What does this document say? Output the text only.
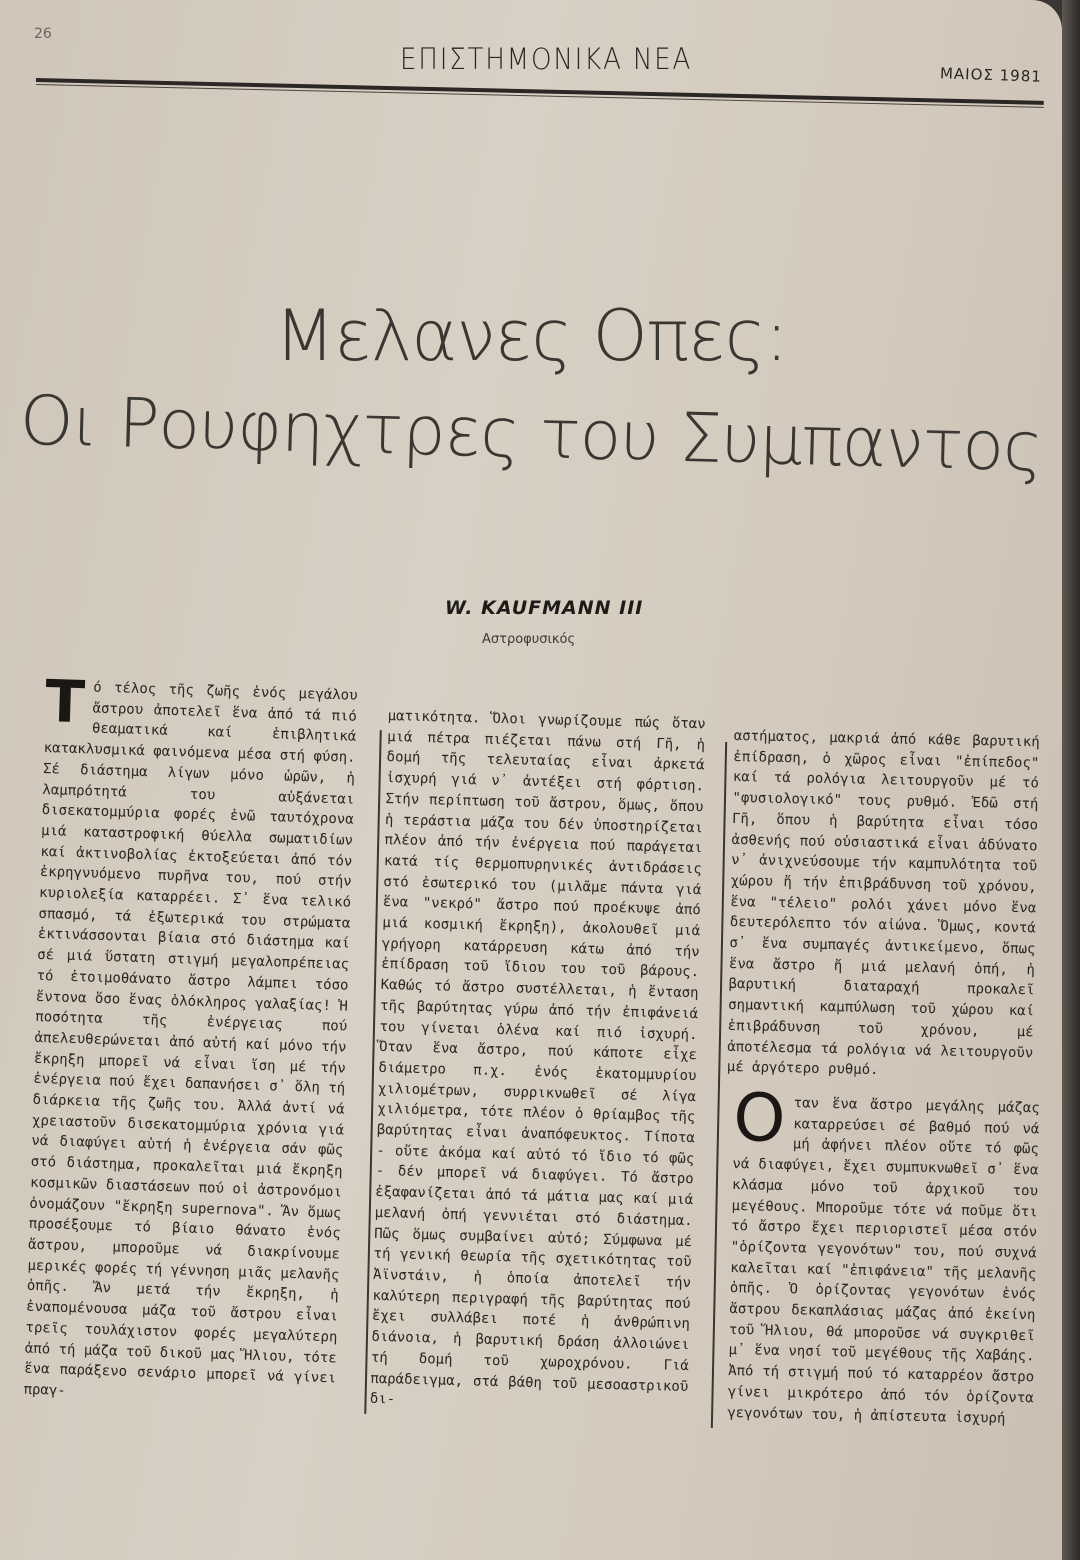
26
ΕΠΙΣΤΗΜΟΝΙΚΑ ΝΕΑ	ΜΑΙΟΣ 1981
Μελανες Οπες:
Οι Ρουφηχτρες του Συμπαντος
W. KAUFMANN III
Αστροφυσικός
Τ ό τέλος τῆς ζωῆς ἑνός μεγάλου ἄστρου ἀποτελεῖ ἕνα ἀπό τά πιό θεαματικά καί ἐπιβλητικά κατακλυσμικά φαινόμενα μέσα στή φύση. Σέ διάστημα λίγων μόνο ὡρῶν, ἡ λαμπρότητά του αὐξάνεται δισεκατομμύρια φορές ἐνῶ ταυτόχρονα μιά καταστροφική θύελλα σωματιδίων καί ἀκτινοβολίας ἐκτοξεύεται ἀπό τόν ἐκρηγνυόμενο πυρῆνα του, πού στήν κυριολεξία καταρρέει. Σ᾽ ἕνα τελικό σπασμό, τά ἐξωτερικά του στρώματα ἐκτινάσσονται βίαια στό διάστημα καί σέ μιά ὕστατη στιγμή μεγαλοπρέπειας τό ἑτοιμοθάνατο ἄστρο λάμπει τόσο ἔντονα ὅσο ἕνας ὁλόκληρος γαλαξίας! Ἡ ποσότητα τῆς ἐνέργειας πού ἀπελευθερώνεται ἀπό αὐτή καί μόνο τήν ἔκρηξη μπορεῖ νά εἶναι ἴση μέ τήν ἐνέργεια πού ἔχει δαπανήσει σ᾽ ὅλη τή διάρκεια τῆς ζωῆς του. Ἀλλά ἀντί νά χρειαστοῦν δισεκατομμύρια χρόνια γιά νά διαφύγει αὐτή ἡ ἐνέργεια σάν φῶς στό διάστημα, προκαλεῖται μιά ἔκρηξη κοσμικῶν διαστάσεων πού οἱ ἀστρονόμοι ὀνομάζουν "ἔκρηξη supernova". Ἄν ὅμως προσέξουμε τό βίαιο θάνατο ἑνός ἄστρου, μποροῦμε νά διακρίνουμε μερικές φορές τή γέννηση μιᾶς μελανῆς ὀπῆς. Ἄν μετά τήν ἔκρηξη, ἡ ἐναπομένουσα μάζα τοῦ ἄστρου εἶναι τρεῖς τουλάχιστον φορές μεγαλύτερη ἀπό τή μάζα τοῦ δικοῦ μας Ἥλιου, τότε ἕνα παράξενο σενάριο μπορεῖ νά γίνει πραγ-
ματικότητα. Ὅλοι γνωρίζουμε πώς ὅταν μιά πέτρα πιέζεται πάνω στή Γῆ, ἡ δομή τῆς τελευταίας εἶναι ἀρκετά ἰσχυρή γιά ν᾽ ἀντέξει στή φόρτιση. Στήν περίπτωση τοῦ ἄστρου, ὅμως, ὅπου ἡ τεράστια μάζα του δέν ὑποστηρίζεται πλέον ἀπό τήν ἐνέργεια πού παράγεται κατά τίς θερμοπυρηνικές ἀντιδράσεις στό ἐσωτερικό του (μιλᾶμε πάντα γιά ἕνα "νεκρό" ἄστρο πού προέκυψε ἀπό μιά κοσμική ἔκρηξη), ἀκολουθεῖ μιά γρήγορη κατάρρευση κάτω ἀπό τήν ἐπίδραση τοῦ ἴδιου του τοῦ βάρους. Καθώς τό ἄστρο συστέλλεται, ἡ ἔνταση τῆς βαρύτητας γύρω ἀπό τήν ἐπιφάνειά του γίνεται ὁλένα καί πιό ἰσχυρή. Ὅταν ἕνα ἄστρο, πού κάποτε εἶχε διάμετρο π.χ. ἑνός ἑκατομμυρίου χιλιομέτρων, συρρικνωθεῖ σέ λίγα χιλιόμετρα, τότε πλέον ὁ θρίαμβος τῆς βαρύτητας εἶναι ἀναπόφευκτος. Τίποτα - οὔτε ἀκόμα καί αὐτό τό ἴδιο τό φῶς - δέν μπορεῖ νά διαφύγει. Τό ἄστρο ἐξαφανίζεται ἀπό τά μάτια μας καί μιά μελανή ὀπή γεννιέται στό διάστημα. Πῶς ὅμως συμβαίνει αὐτό; Σύμφωνα μέ τή γενική θεωρία τῆς σχετικότητας τοῦ Ἀϊνστάιν, ἡ ὁποία ἀποτελεῖ τήν καλύτερη περιγραφή τῆς βαρύτητας πού ἔχει συλλάβει ποτέ ἡ ἀνθρώπινη διάνοια, ἡ βαρυτική δράση ἀλλοιώνει τή δομή τοῦ χωροχρόνου. Γιά παράδειγμα, στά βάθη τοῦ μεσοαστρικοῦ δι-
αστήματος, μακριά ἀπό κάθε βαρυτική ἐπίδραση, ὁ χῶρος εἶναι "ἐπίπεδος" καί τά ρολόγια λειτουργοῦν μέ τό "φυσιολογικό" τους ρυθμό. Ἐδῶ στή Γῆ, ὅπου ἡ βαρύτητα εἶναι τόσο ἀσθενής πού οὐσιαστικά εἶναι ἀδύνατο ν᾽ ἀνιχνεύσουμε τήν καμπυλότητα τοῦ χώρου ἤ τήν ἐπιβράδυνση τοῦ χρόνου, ἕνα "τέλειο" ρολόι χάνει μόνο ἕνα δευτερόλεπτο τόν αἰώνα. Ὅμως, κοντά σ᾽ ἕνα συμπαγές ἀντικείμενο, ὅπως ἕνα ἄστρο ἤ μιά μελανή ὀπή, ἡ βαρυτική διαταραχή προκαλεῖ σημαντική καμπύλωση τοῦ χώρου καί ἐπιβράδυνση τοῦ χρόνου, μέ ἀποτέλεσμα τά ρολόγια νά λειτουργοῦν μέ ἀργότερο ρυθμό.
Ο ταν ἕνα ἄστρο μεγάλης μάζας καταρρεύσει σέ βαθμό πού νά μή ἀφήνει πλέον οὔτε τό φῶς νά διαφύγει, ἔχει συμπυκνωθεῖ σ᾽ ἕνα κλάσμα μόνο τοῦ ἀρχικοῦ του μεγέθους. Μποροῦμε τότε νά ποῦμε ὅτι τό ἄστρο ἔχει περιοριστεῖ μέσα στόν "ὁρίζοντα γεγονότων" του, πού συχνά καλεῖται καί "ἐπιφάνεια" τῆς μελανῆς ὀπῆς. Ὁ ὁρίζοντας γεγονότων ἑνός ἄστρου δεκαπλάσιας μάζας ἀπό ἐκείνη τοῦ Ἥλιου, θά μποροῦσε νά συγκριθεῖ μ᾽ ἕνα νησί τοῦ μεγέθους τῆς Χαβάης. Ἀπό τή στιγμή πού τό καταρρέον ἄστρο γίνει μικρότερο ἀπό τόν ὁρίζοντα γεγονότων του, ἡ ἀπίστευτα ἰσχυρή
